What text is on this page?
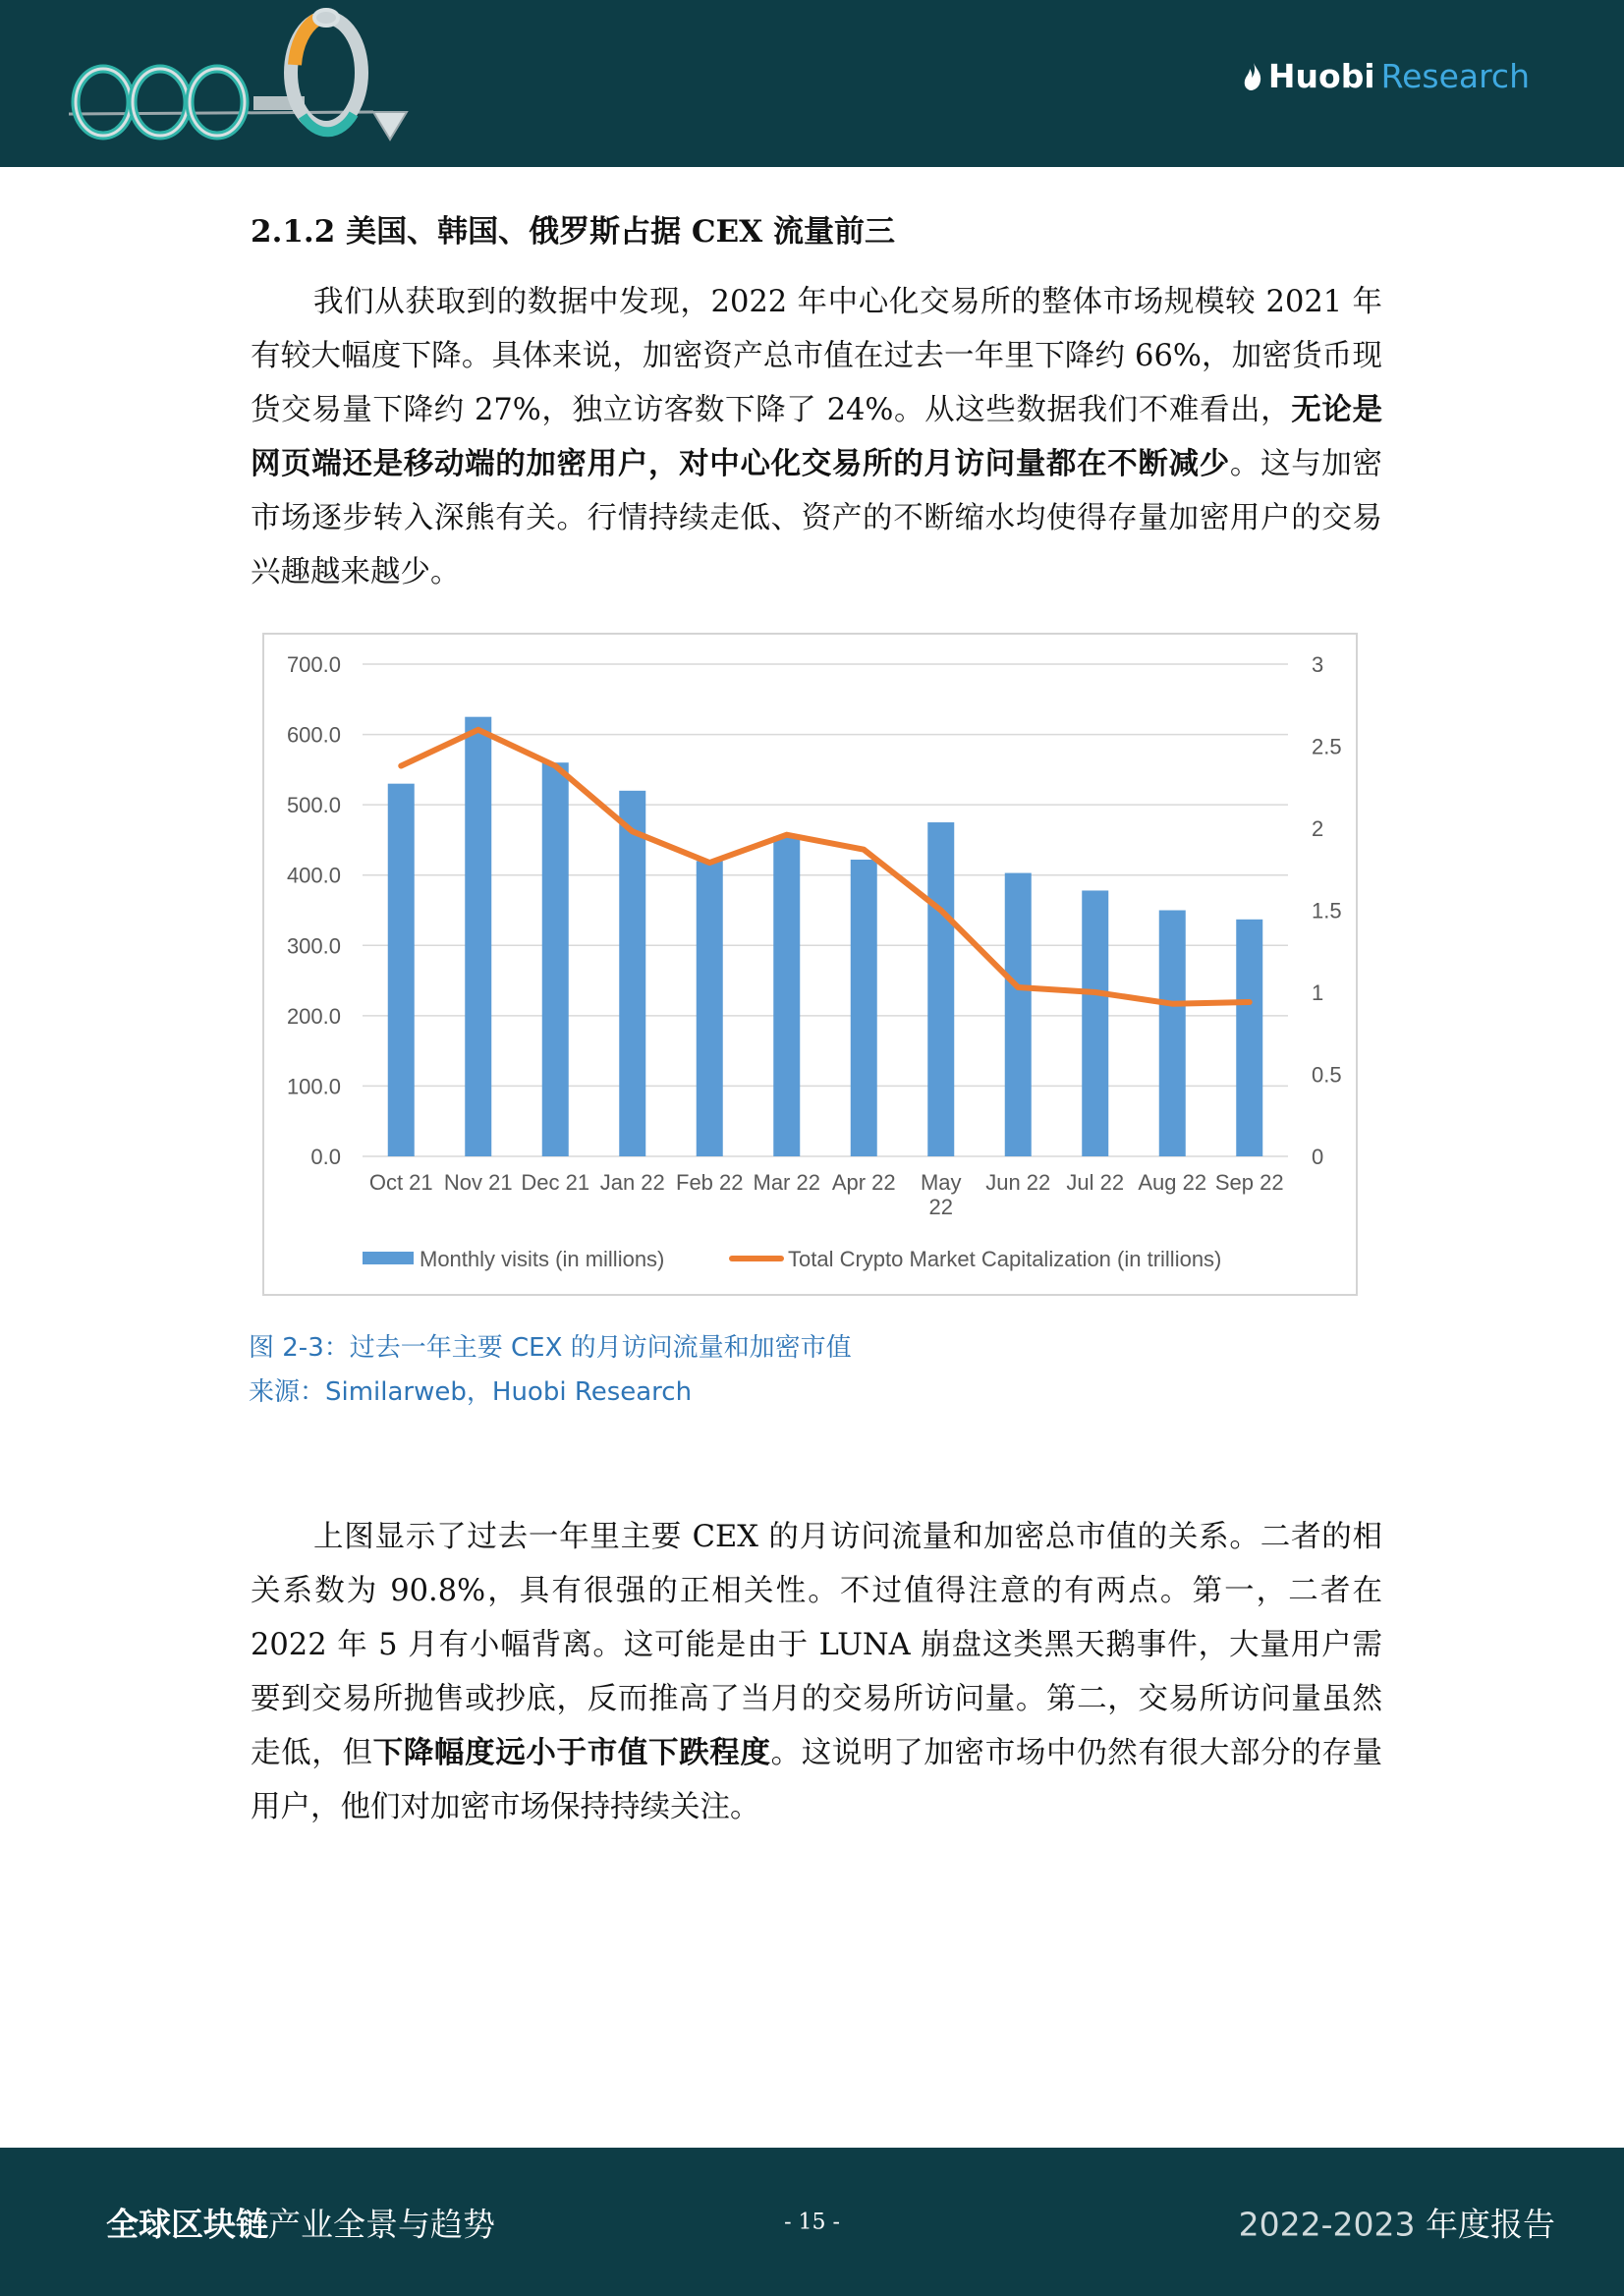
Huobi Research
2.1.2 美国、韩国、俄罗斯占据 CEX 流量前三
我们从获取到的数据中发现，2022 年中心化交易所的整体市场规模较 2021 年有较大幅度下降。具体来说，加密资产总市值在过去一年里下降约 66%，加密货币现货交易量下降约 27%，独立访客数下降了 24%。从这些数据我们不难看出，无论是网页端还是移动端的加密用户，对中心化交易所的月访问量都在不断减少。这与加密市场逐步转入深熊有关。行情持续走低、资产的不断缩水均使得存量加密用户的交易兴趣越来越少。
0.0
100.0
200.0
300.0
400.0
500.0
600.0
700.0
0
0.5
1
1.5
2
2.5
3
Oct 21 Nov 21 Dec 21 Jan 22 Feb 22 Mar 22 Apr 22 May
22
Jun 22 Jul 22 Aug 22 Sep 22
Monthly visits (in millions)	Total Crypto Market Capitalization (in trillions)
图 2-3：过去一年主要 CEX 的月访问流量和加密市值
来源：Similarweb，Huobi Research
上图显示了过去一年里主要 CEX 的月访问流量和加密总市值的关系。二者的相关系数为 90.8%，具有很强的正相关性。不过值得注意的有两点。第一，二者在 2022 年 5 月有小幅背离。这可能是由于 LUNA 崩盘这类黑天鹅事件，大量用户需要到交易所抛售或抄底，反而推高了当月的交易所访问量。第二，交易所访问量虽然走低，但下降幅度远小于市值下跌程度。这说明了加密市场中仍然有很大部分的存量用户，他们对加密市场保持持续关注。
全球区块链产业全景与趋势	- 15 -	2022-2023 年度报告
